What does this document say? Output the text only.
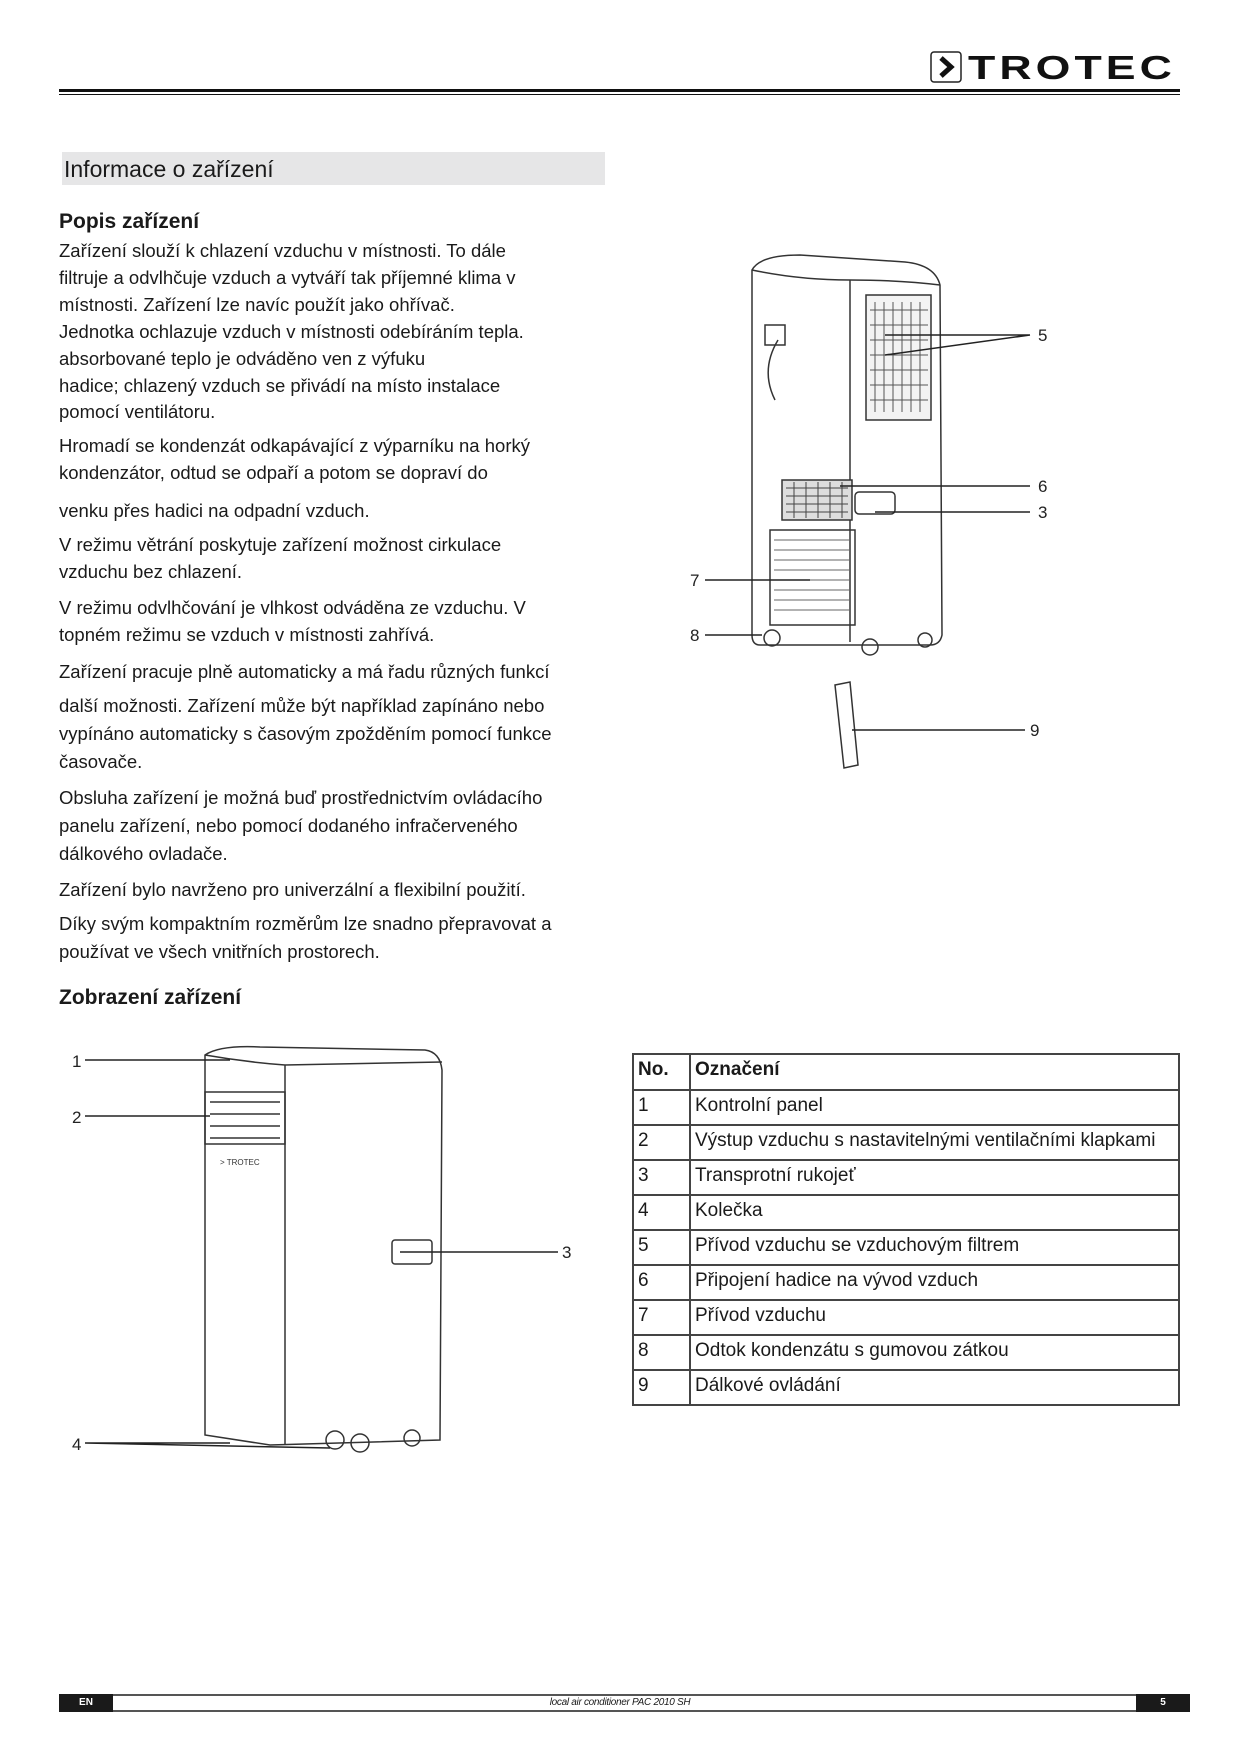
TROTEC
Informace o zařízení
Popis zařízení
Zařízení slouží k chlazení vzduchu v místnosti. To dále
filtruje a odvlhčuje vzduch a vytváří tak příjemné klima v
místnosti. Zařízení lze navíc použít jako ohřívač.
Jednotka ochlazuje vzduch v místnosti odebíráním tepla.
absorbované teplo je odváděno ven z výfuku
hadice; chlazený vzduch se přivádí na místo instalace
pomocí ventilátoru.
Hromadí se kondenzát odkapávající z výparníku na horký
kondenzátor, odtud se odpaří a potom se dopraví do
venku přes hadici na odpadní vzduch.
V režimu větrání poskytuje zařízení možnost cirkulace
vzduchu bez chlazení.
V režimu odvlhčování je vlhkost odváděna ze vzduchu. V
topném režimu se vzduch v místnosti zahřívá.
Zařízení pracuje plně automaticky a má řadu různých funkcí
další možnosti. Zařízení může být například zapínáno nebo
vypínáno automaticky s časovým zpožděním pomocí funkce
časovače.
Obsluha zařízení je možná buď prostřednictvím ovládacího
panelu zařízení, nebo pomocí dodaného infračerveného
dálkového ovladače.
Zařízení bylo navrženo pro univerzální a flexibilní použití.
Díky svým kompaktním rozměrům lze snadno přepravovat a
používat ve všech vnitřních prostorech.
Zobrazení zařízení
5
6
3
7
8
9
> TROTEC
1
2
3
4
No.	Označení
1	Kontrolní panel
2	Výstup vzduchu s nastavitelnými ventilačními klapkami
3	Transprotní rukojeť
4	Kolečka
5	Přívod vzduchu se vzduchovým filtrem
6	Připojení hadice na vývod vzduch
7	Přívod vzduchu
8	Odtok kondenzátu s gumovou zátkou
9	Dálkové ovládání
EN	local air conditioner PAC 2010 SH	5
